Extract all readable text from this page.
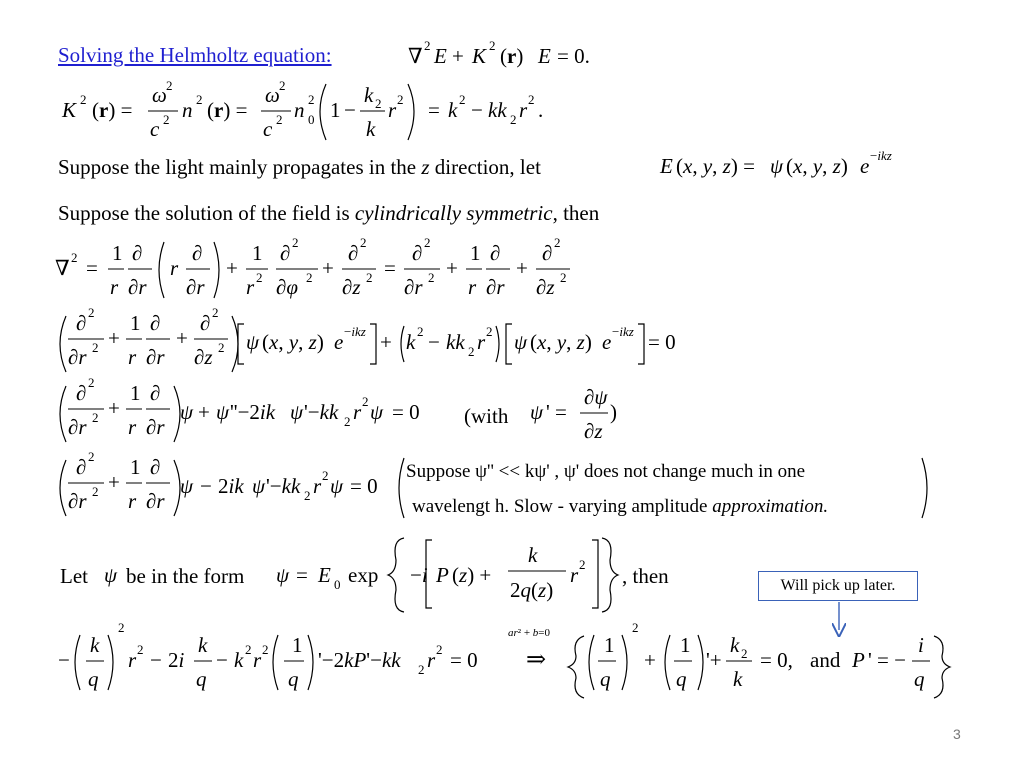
Solving the Helmholtz equation:
Suppose the light mainly propagates in the z direction, let
Suppose the solution of the field is cylindrically symmetric, then
Let be in the form	, then
(with
Suppose ψ'' << kψ' , ψ' does not change much in one
wavelengt h. Slow - varying amplitude approximation.
Will pick up later.
3
∇ 2 E + K 2 (r) E = 0.
K 2 (r) =
ω 2
c 2 n 2 (r) =
ω 2
c 2 n 2
0 1 −
k 2
k
r 2 = k 2 − kk 2 r 2 .
E (x, y, z) = ψ (x, y, z) e −ikz
∇ 2 =
1
r
∂
∂r
r
∂
∂r
+
1
r 2
∂ 2
∂φ 2 +
∂ 2
∂z 2 =
∂ 2
∂r 2 +
1
r
∂
∂r
+
∂ 2
∂z 2
∂ 2
∂r 2 +
1
r
∂
∂r
+
∂ 2
∂z 2 ψ (x, y, z) e −ikz + k 2 − kk 2 r 2 ψ (x, y, z) e −ikz = 0
∂ 2
∂r 2 +
1
r
∂
∂r
ψ + ψ ''−2ik ψ '−kk 2 r 2 ψ = 0	ψ ' =
∂ψ
∂z
)
∂ 2
∂r 2 +
1
r
∂
∂r
ψ − 2ik ψ '−kk 2 r 2 ψ = 0
ψ	ψ = E 0 exp −i P (z) +
k
2q(z)
r 2
−
k
q
2
r 2 − 2i
k
q
− k 2 r 2 1
q
'−2kP'−kk 2 r 2 = 0
ar² + b=0
⇒
1
q
2
+
1
q
'+
k 2
k
= 0, and P ' = −
i
q
